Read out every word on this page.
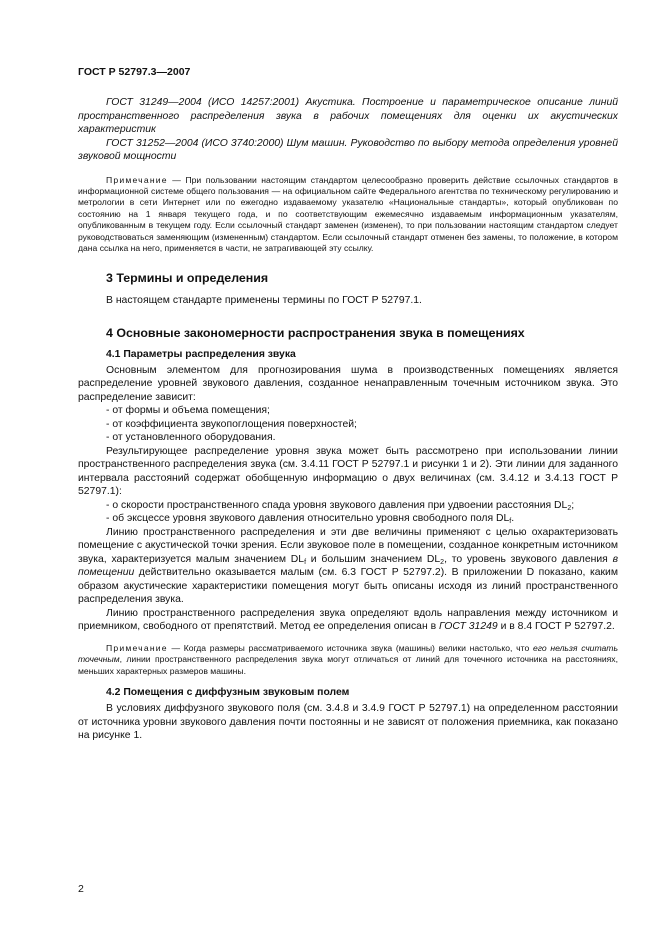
ГОСТ Р 52797.3—2007

ГОСТ 31249—2004 (ИСО 14257:2001) Акустика. Построение и параметрическое описание линий пространственного распределения звука в рабочих помещениях для оценки их акустических характеристик

ГОСТ 31252—2004 (ИСО 3740:2000) Шум машин. Руководство по выбору метода определения уровней звуковой мощности

Примечание — При пользовании настоящим стандартом целесообразно проверить действие ссылочных стандартов в информационной системе общего пользования — на официальном сайте Федерального агентства по техническому регулированию и метрологии в сети Интернет или по ежегодно издаваемому указателю «Национальные стандарты», который опубликован по состоянию на 1 января текущего года, и по соответствующим ежемесячно издаваемым информационным указателям, опубликованным в текущем году. Если ссылочный стандарт заменен (изменен), то при пользовании настоящим стандартом следует руководствоваться заменяющим (измененным) стандартом. Если ссылочный стандарт отменен без замены, то положение, в котором дана ссылка на него, применяется в части, не затрагивающей эту ссылку.

3 Термины и определения

В настоящем стандарте применены термины по ГОСТ Р 52797.1.

4 Основные закономерности распространения звука в помещениях
4.1 Параметры распределения звука

Основным элементом для прогнозирования шума в производственных помещениях является распределение уровней звукового давления, созданное ненаправленным точечным источником звука. Это распределение зависит:

- от формы и объема помещения;

- от коэффициента звукопоглощения поверхностей;

- от установленного оборудования.

Результирующее распределение уровня звука может быть рассмотрено при использовании линии пространственного распределения звука (см. 3.4.11 ГОСТ Р 52797.1 и рисунки 1 и 2). Эти линии для заданного интервала расстояний содержат обобщенную информацию о двух величинах (см. 3.4.12 и 3.4.13 ГОСТ Р 52797.1):

- о скорости пространственного спада уровня звукового давления при удвоении расстояния $DL_2$;

- об эксцессе уровня звукового давления относительно уровня свободного поля $DL_f$.

Линию пространственного распределения и эти две величины применяют с целью охарактеризовать помещение с акустической точки зрения. Если звуковое поле в помещении, созданное конкретным источником звука, характеризуется малым значением $DL_f$ и большим значением $DL_2$, то уровень звукового давления в помещении действительно оказывается малым (см. 6.3 ГОСТ Р 52797.2). В приложении D показано, каким образом акустические характеристики помещения могут быть описаны исходя из линий пространственного распределения звука.

Линию пространственного распределения звука определяют вдоль направления между источником и приемником, свободного от препятствий. Метод ее определения описан в ГОСТ 31249 и в 8.4 ГОСТ Р 52797.2.

Примечание — Когда размеры рассматриваемого источника звука (машины) велики настолько, что его нельзя считать точечным, линии пространственного распределения звука могут отличаться от линий для точечного источника на расстояниях, меньших характерных размеров машины.

4.2 Помещения с диффузным звуковым полем

В условиях диффузного звукового поля (см. 3.4.8 и 3.4.9 ГОСТ Р 52797.1) на определенном расстоянии от источника уровни звукового давления почти постоянны и не зависят от положения приемника, как показано на рисунке 1.

2
